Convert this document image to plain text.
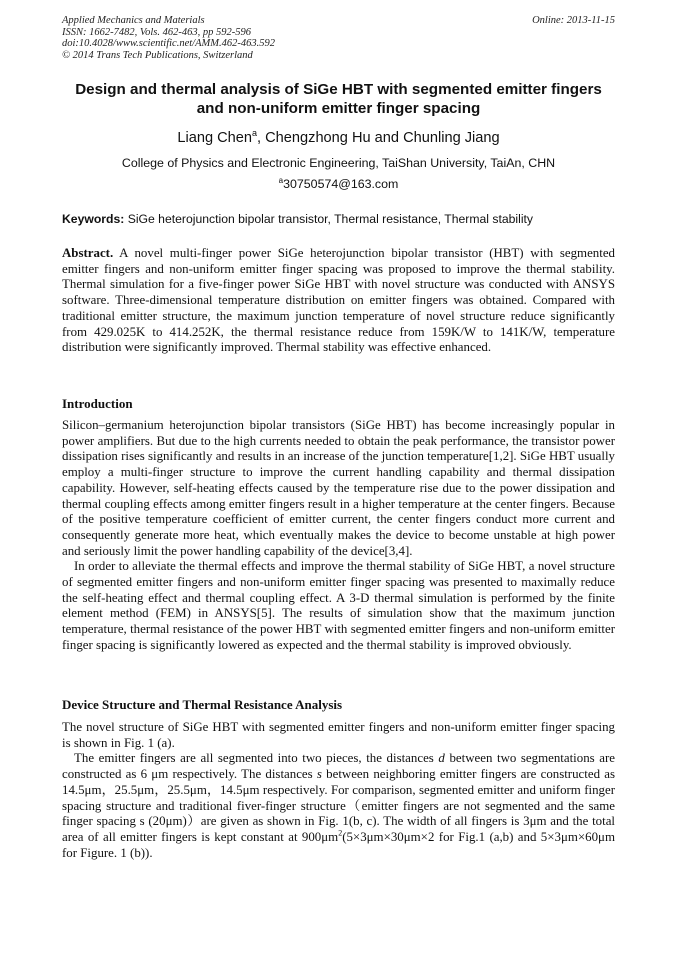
Applied Mechanics and Materials
ISSN: 1662-7482, Vols. 462-463, pp 592-596
doi:10.4028/www.scientific.net/AMM.462-463.592
© 2014 Trans Tech Publications, Switzerland
Online: 2013-11-15
Design and thermal analysis of SiGe HBT with segmented emitter fingers and non-uniform emitter finger spacing
Liang Chen$^a$, Chengzhong Hu and Chunling Jiang
College of Physics and Electronic Engineering, TaiShan University, TaiAn, CHN
$^a$30750574@163.com
Keywords: SiGe heterojunction bipolar transistor, Thermal resistance, Thermal stability

Abstract. A novel multi-finger power SiGe heterojunction bipolar transistor (HBT) with segmented emitter fingers and non-uniform emitter finger spacing was proposed to improve the thermal stability. Thermal simulation for a five-finger power SiGe HBT with novel structure was conducted with ANSYS software. Three-dimensional temperature distribution on emitter fingers was obtained. Compared with traditional emitter structure, the maximum junction temperature of novel structure reduce significantly from 429.025K to 414.252K, the thermal resistance reduce from 159K/W to 141K/W, temperature distribution were significantly improved. Thermal stability was effective enhanced.

Introduction

Silicon–germanium heterojunction bipolar transistors (SiGe HBT) has become increasingly popular in power amplifiers. But due to the high currents needed to obtain the peak performance, the transistor power dissipation rises significantly and results in an increase of the junction temperature[1,2]. SiGe HBT usually employ a multi-finger structure to improve the current handling capability and thermal dissipation capability. However, self-heating effects caused by the temperature rise due to the power dissipation and thermal coupling effects among emitter fingers result in a higher temperature at the center fingers. Because of the positive temperature coefficient of emitter current, the center fingers conduct more current and consequently generate more heat, which eventually makes the device to become unstable at high power and seriously limit the power handling capability of the device[3,4].

In order to alleviate the thermal effects and improve the thermal stability of SiGe HBT, a novel structure of segmented emitter fingers and non-uniform emitter finger spacing was presented to maximally reduce the self-heating effect and thermal coupling effect. A 3-D thermal simulation is performed by the finite element method (FEM) in ANSYS[5]. The results of simulation show that the maximum junction temperature, thermal resistance of the power HBT with segmented emitter fingers and non-uniform emitter finger spacing is significantly lowered as expected and the thermal stability is improved obviously.

Device Structure and Thermal Resistance Analysis

The novel structure of SiGe HBT with segmented emitter fingers and non-uniform emitter finger spacing is shown in Fig. 1 (a).

The emitter fingers are all segmented into two pieces, the distances d between two segmentations are constructed as 6 μm respectively. The distances s between neighboring emitter fingers are constructed as 14.5μm，25.5μm，25.5μm，14.5μm respectively. For comparison, segmented emitter and uniform finger spacing structure and traditional fiver-finger structure（emitter fingers are not segmented and the same finger spacing s (20μm)）are given as shown in Fig. 1(b, c). The width of all fingers is 3μm and the total area of all emitter fingers is kept constant at $900\mu m^2(5\times 3\mu m\times 30\mu m\times 2$ for Fig.1 (a,b) and 5×3μm×60μm for Figure. 1 (b)).
